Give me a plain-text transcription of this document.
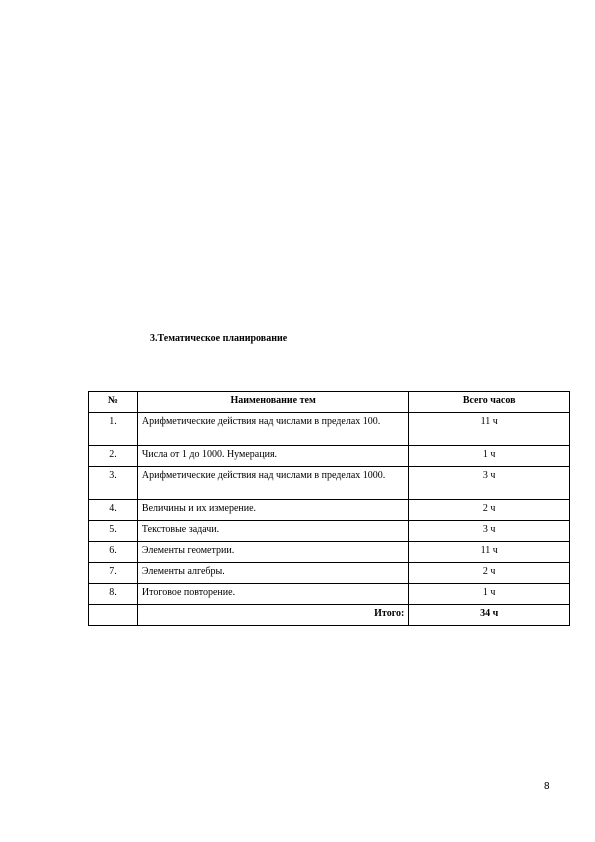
3.Тематическое планирование
№	Наименование тем	Всего часов
1.	Арифметические действия над числами в пределах 100.	11 ч
2.	Числа от 1 до 1000. Нумерация.	1 ч
3.	Арифметические действия над числами в пределах 1000.	3 ч
4.	Величины и их измерение.	2 ч
5.	Текстовые задачи.	3 ч
6.	Элементы геометрии.	11 ч
7.	Элементы алгебры.	2 ч
8.	Итоговое повторение.	1 ч
	Итого:	34 ч
8
